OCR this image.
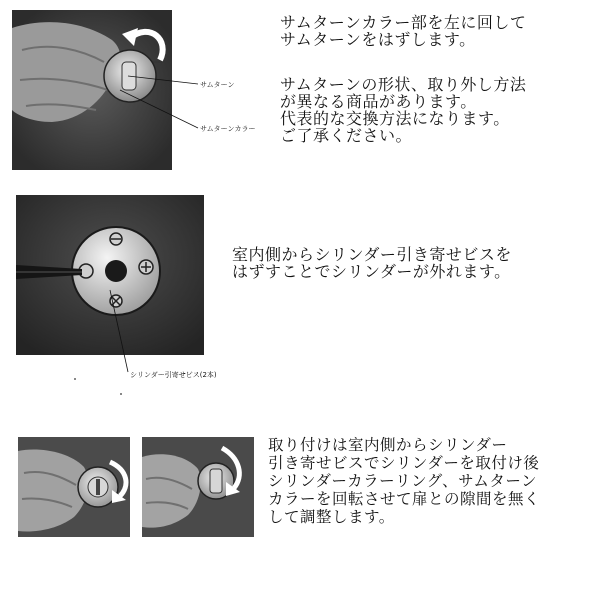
サムターン
サムターンカラー
サムターンカラー部を左に回して
サムターンをはずします。
サムターンの形状、取り外し方法
が異なる商品があります。
代表的な交換方法になります。
ご了承ください。
シリンダー引寄せビス(2本)
室内側からシリンダー引き寄せビスを
はずすことでシリンダーが外れます。
取り付けは室内側からシリンダー
引き寄せビスでシリンダーを取付け後
シリンダーカラーリング、サムターン
カラーを回転させて扉との隙間を無く
して調整します。
